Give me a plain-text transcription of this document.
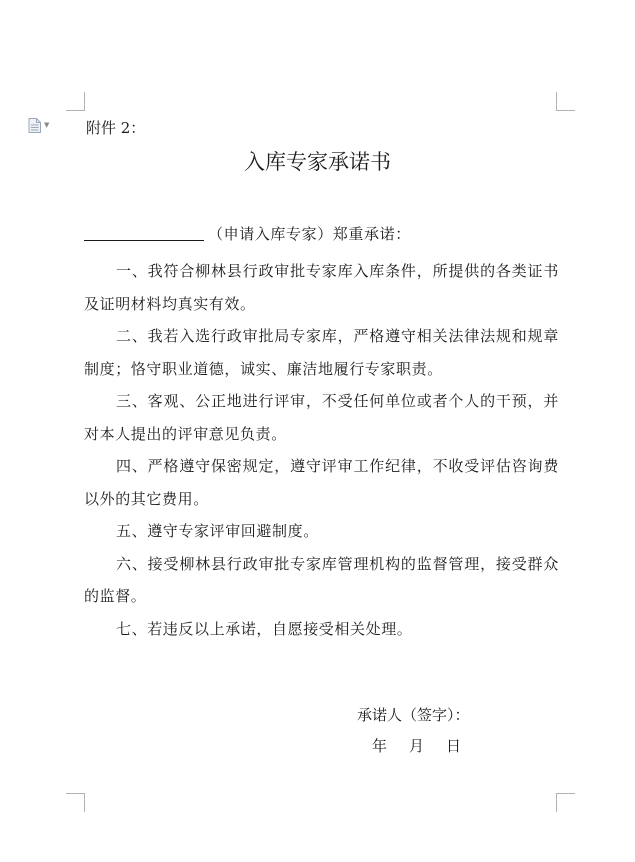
▼ 附件 2：
入库专家承诺书

（申请入库专家）郑重承诺：

一、我符合柳林县行政审批专家库入库条件，所提供的各类证书及证明材料均真实有效。

二、我若入选行政审批局专家库，严格遵守相关法律法规和规章制度；恪守职业道德，诚实、廉洁地履行专家职责。

三、客观、公正地进行评审，不受任何单位或者个人的干预，并对本人提出的评审意见负责。

四、严格遵守保密规定，遵守评审工作纪律，不收受评估咨询费以外的其它费用。

五、遵守专家评审回避制度。

六、接受柳林县行政审批专家库管理机构的监督管理，接受群众的监督。

七、若违反以上承诺，自愿接受相关处理。

承诺人（签字）：
年 月 日
